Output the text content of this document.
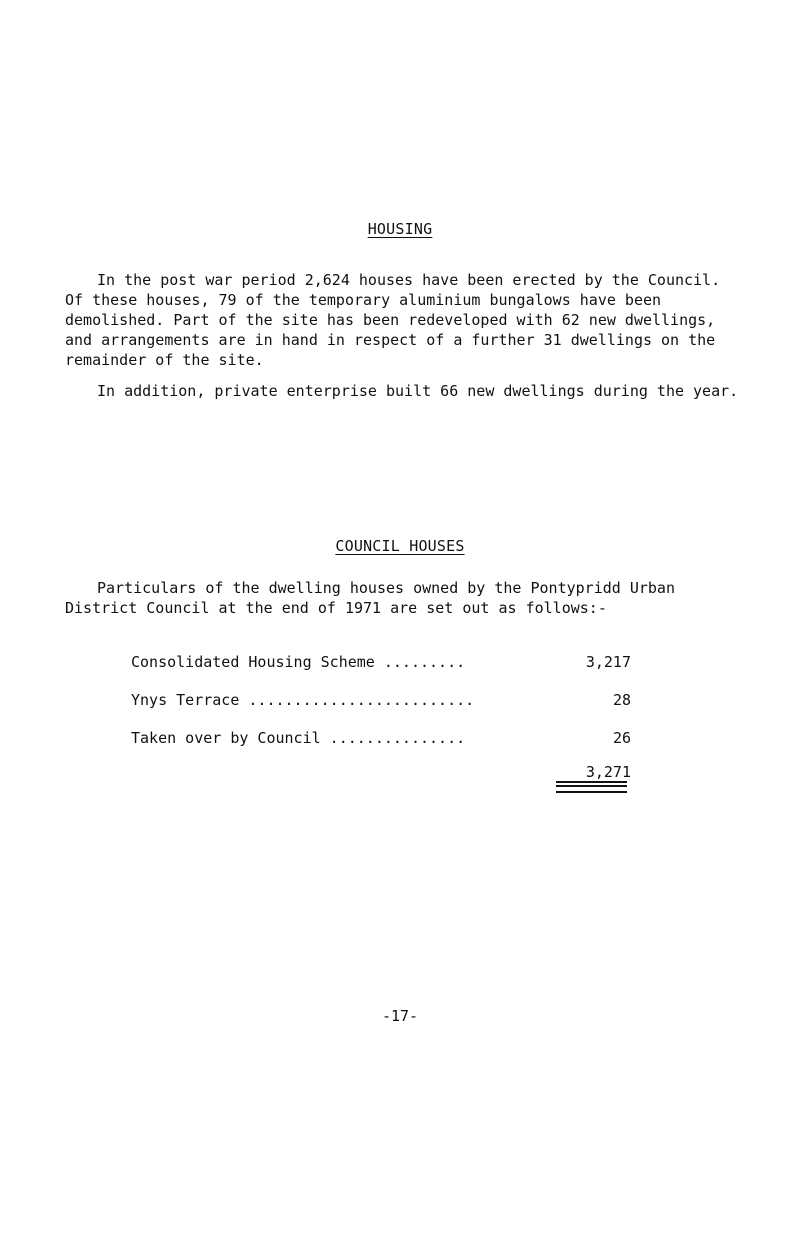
HOUSING

In the post war period 2,624 houses have been erected by the Council. Of these houses, 79 of the temporary aluminium bungalows have been demolished. Part of the site has been redeveloped with 62 new dwellings, and arrangements are in hand in respect of a further 31 dwellings on the remainder of the site.

In addition, private enterprise built 66 new dwellings during the year.

COUNCIL HOUSES

Particulars of the dwelling houses owned by the Pontypridd Urban District Council at the end of 1971 are set out as follows:-

Consolidated Housing Scheme .........	3,217
Ynys Terrace .........................	28
Taken over by Council ...............	26
3,271
-17-
